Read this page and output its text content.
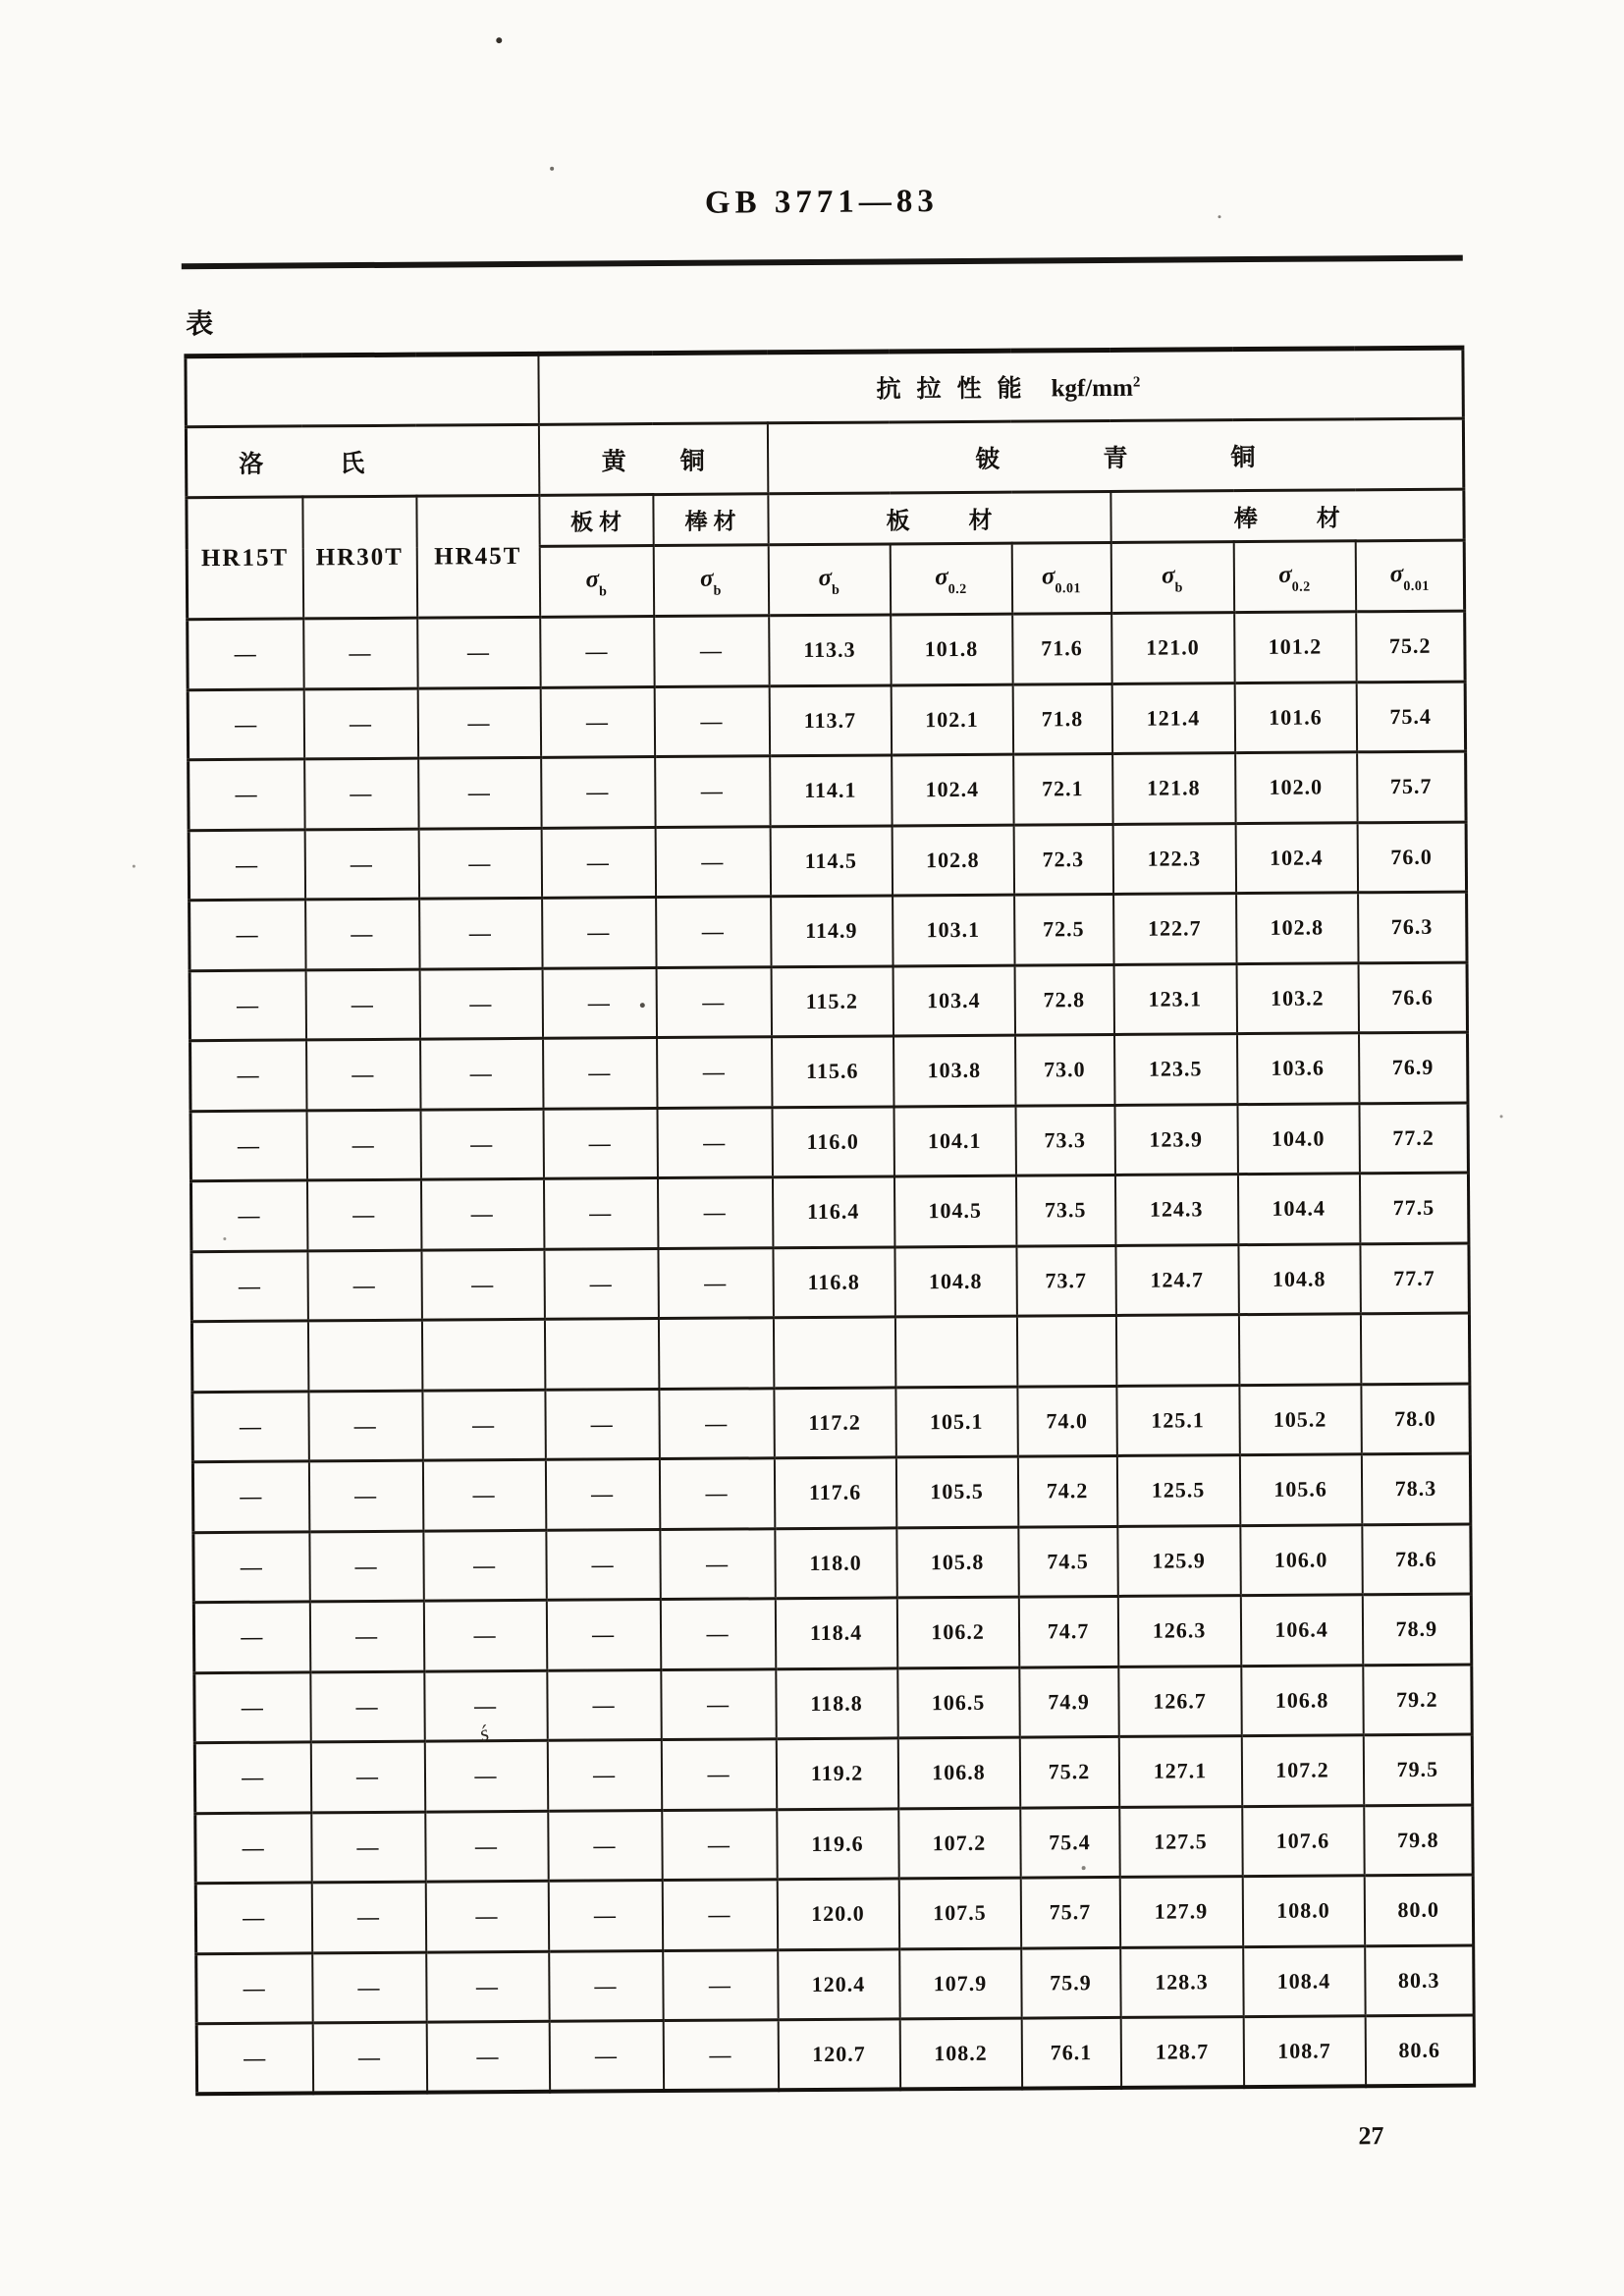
GB 3771—83
表
			抗拉性能 kgf/$mm^2$
洛氏			黄铜		铍青铜					
HR15T	HR30T	HR45T	板材	棒材	板材			棒材		
			$\sigma_b$	$\sigma_b$	$\sigma_b$	$\sigma_{0.2}$	$\sigma_{0.01}$	$\sigma_b$	$\sigma_{0.2}$	$\sigma_{0.01}$
—	—	—	—	—	113.3	101.8	71.6	121.0	101.2	75.2
—	—	—	—	—	113.7	102.1	71.8	121.4	101.6	75.4
—	—	—	—	—	114.1	102.4	72.1	121.8	102.0	75.7
—	—	—	—	—	114.5	102.8	72.3	122.3	102.4	76.0
—	—	—	—	—	114.9	103.1	72.5	122.7	102.8	76.3
—	—	—	—	—	115.2	103.4	72.8	123.1	103.2	76.6
—	—	—	—	—	115.6	103.8	73.0	123.5	103.6	76.9
—	—	—	—	—	116.0	104.1	73.3	123.9	104.0	77.2
—	—	—	—	—	116.4	104.5	73.5	124.3	104.4	77.5
—	—	—	—	—	116.8	104.8	73.7	124.7	104.8	77.7

—	—	—	—	—	117.2	105.1	74.0	125.1	105.2	78.0
—	—	—	—	—	117.6	105.5	74.2	125.5	105.6	78.3
—	—	—	—	—	118.0	105.8	74.5	125.9	106.0	78.6
—	—	—	—	—	118.4	106.2	74.7	126.3	106.4	78.9
—	—	—	—	—	118.8	106.5	74.9	126.7	106.8	79.2
—	—	—	—	—	119.2	106.8	75.2	127.1	107.2	79.5
—	—	—	—	—	119.6	107.2	75.4	127.5	107.6	79.8
—	—	—	—	—	120.0	107.5	75.7	127.9	108.0	80.0
—	—	—	—	—	120.4	107.9	75.9	128.3	108.4	80.3
—	—	—	—	—	120.7	108.2	76.1	128.7	108.7	80.6
ś
27
